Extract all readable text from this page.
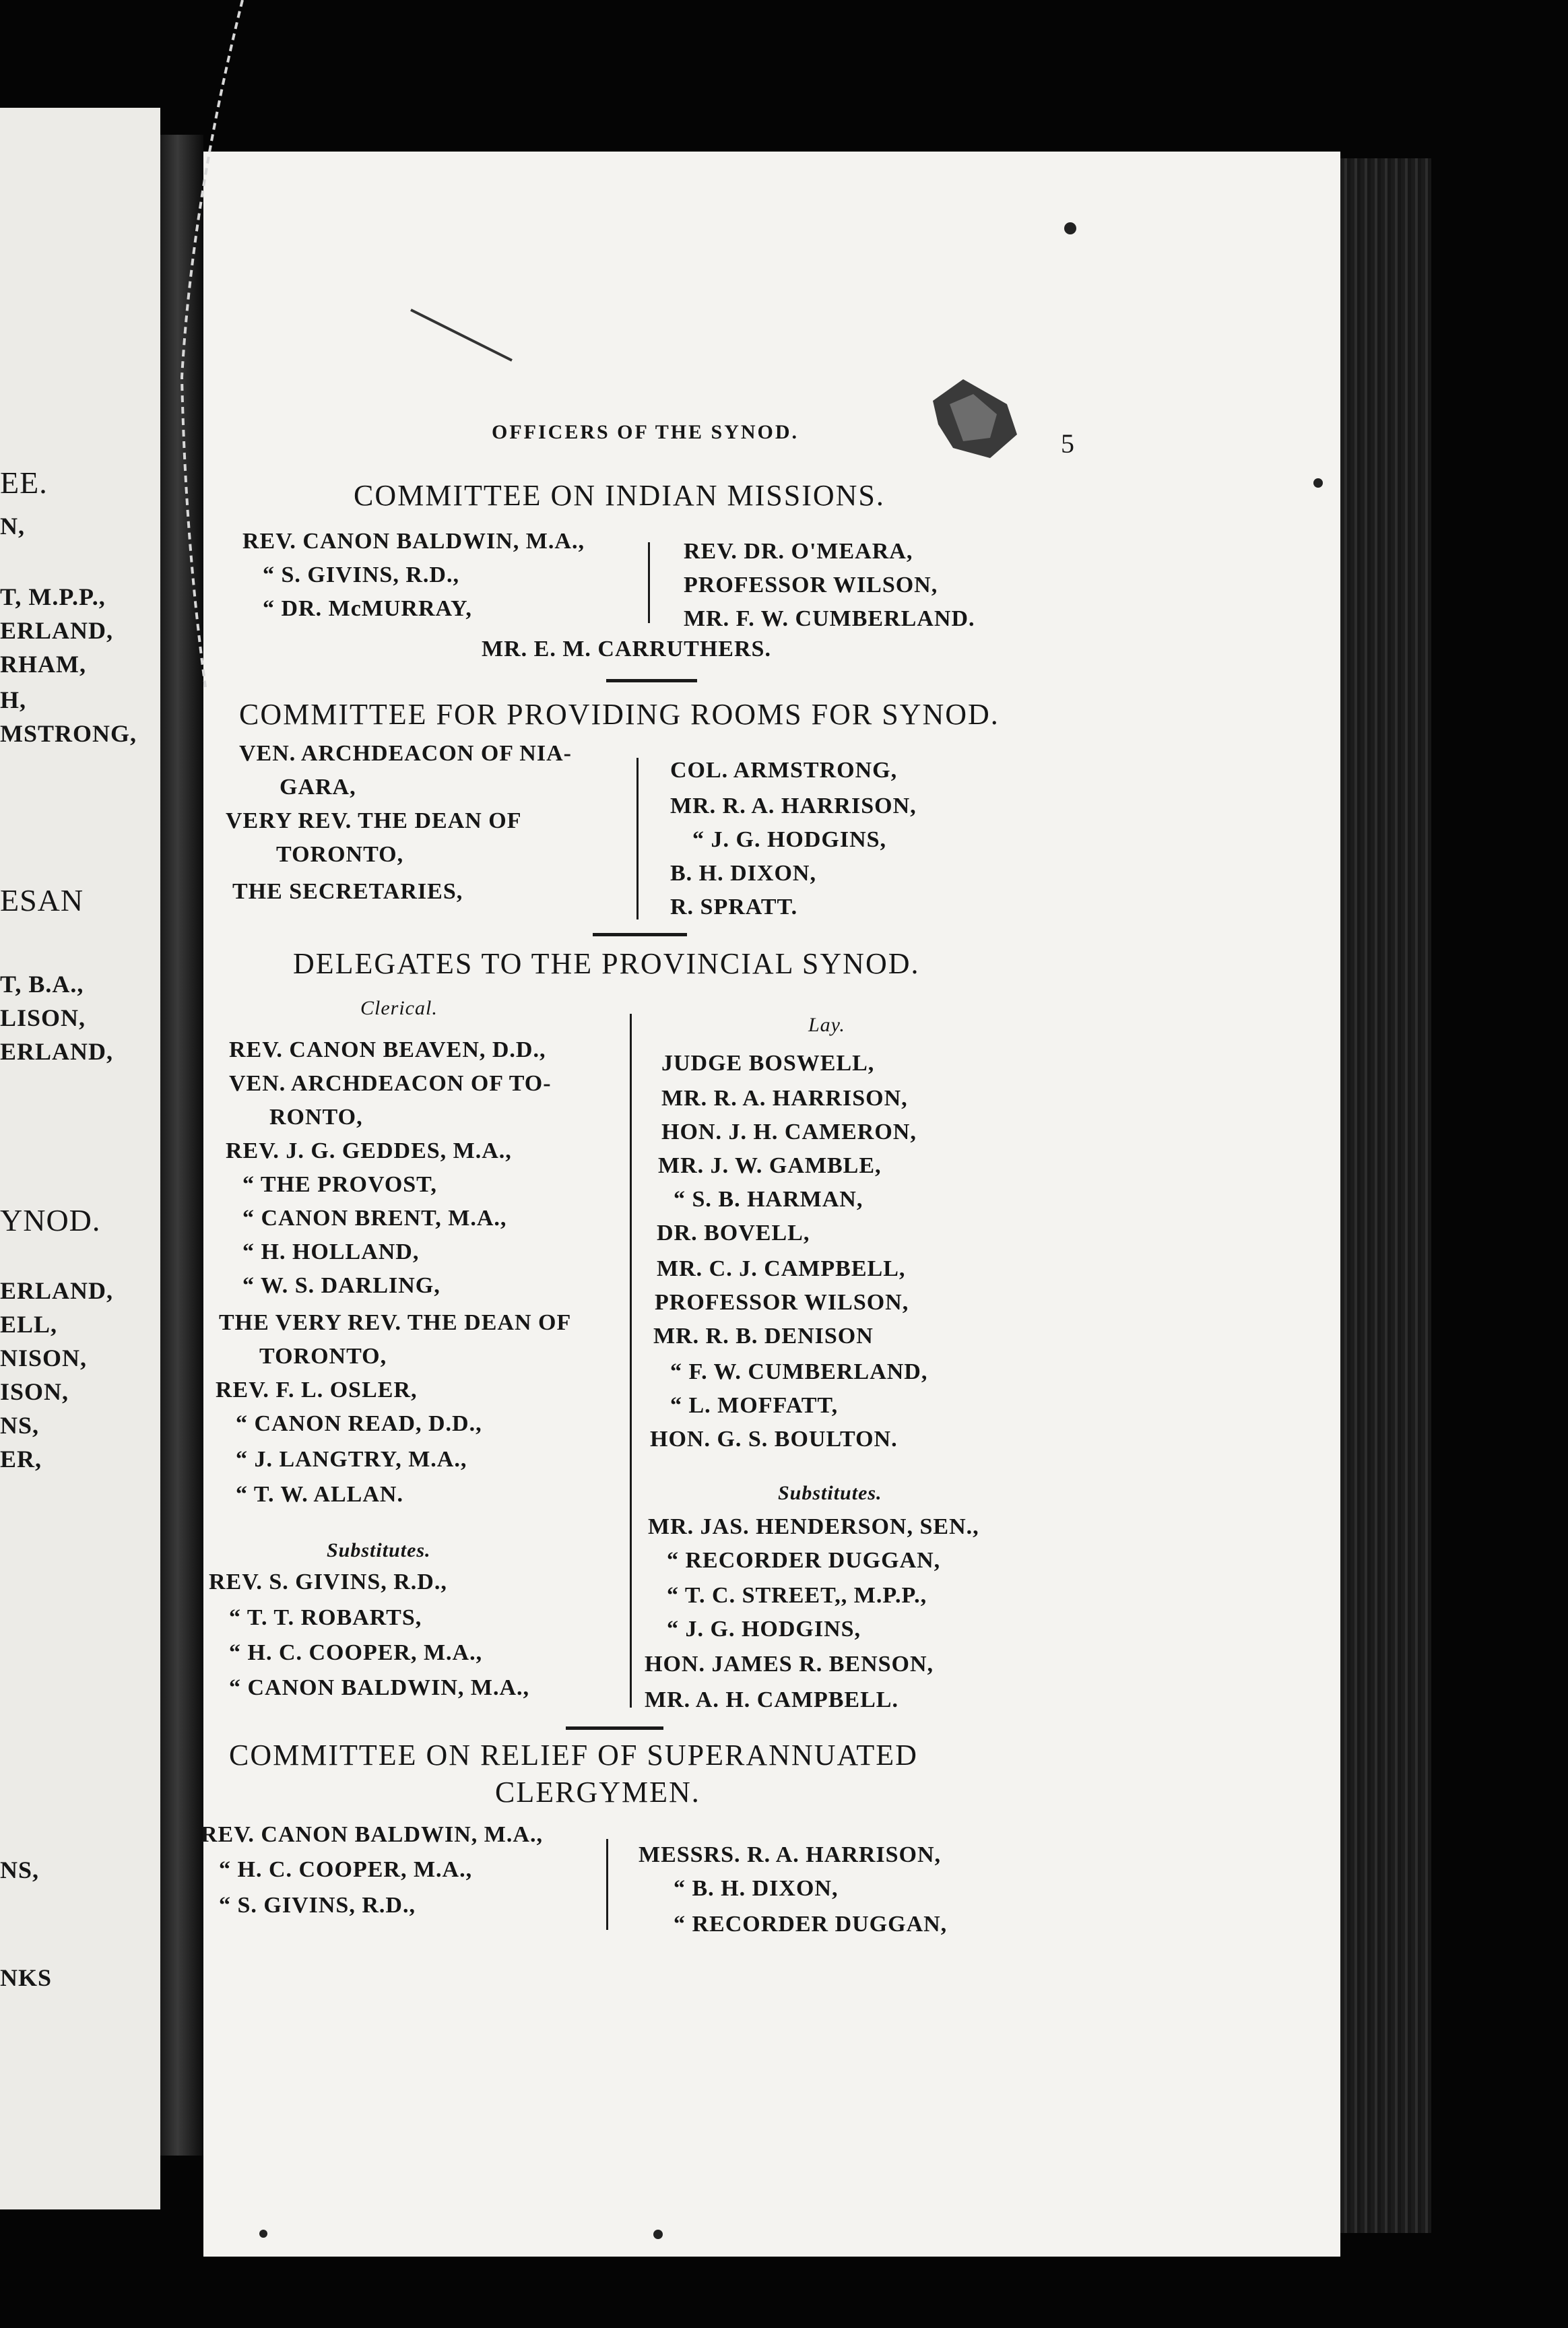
EE.
N,
T, M.P.P.,
ERLAND,
RHAM,
H,
MSTRONG,
ESAN
T, B.A.,
LISON,
ERLAND,
YNOD.
ERLAND,
ELL,
NISON,
ISON,
NS,
ER,
NS,
NKS
OFFICERS OF THE SYNOD.	5
COMMITTEE ON INDIAN MISSIONS.
REV. CANON BALDWIN, M.A.,
“ S. GIVINS, R.D.,
“ DR. McMURRAY,
REV. DR. O'MEARA,
PROFESSOR WILSON,
MR. F. W. CUMBERLAND.
MR. E. M. CARRUTHERS.
COMMITTEE FOR PROVIDING ROOMS FOR SYNOD.
VEN. ARCHDEACON OF NIA-
GARA,
VERY REV. THE DEAN OF
TORONTO,
THE SECRETARIES,
COL. ARMSTRONG,
MR. R. A. HARRISON,
“ J. G. HODGINS,
B. H. DIXON,
R. SPRATT.
DELEGATES TO THE PROVINCIAL SYNOD.
Clerical.
Lay.
REV. CANON BEAVEN, D.D.,
VEN. ARCHDEACON OF TO-
RONTO,
REV. J. G. GEDDES, M.A.,
“ THE PROVOST,
“ CANON BRENT, M.A.,
“ H. HOLLAND,
“ W. S. DARLING,
THE VERY REV. THE DEAN OF
TORONTO,
REV. F. L. OSLER,
“ CANON READ, D.D.,
“ J. LANGTRY, M.A.,
“ T. W. ALLAN.
JUDGE BOSWELL,
MR. R. A. HARRISON,
HON. J. H. CAMERON,
MR. J. W. GAMBLE,
“ S. B. HARMAN,
DR. BOVELL,
MR. C. J. CAMPBELL,
PROFESSOR WILSON,
MR. R. B. DENISON
“ F. W. CUMBERLAND,
“ L. MOFFATT,
HON. G. S. BOULTON.
Substitutes.
MR. JAS. HENDERSON, SEN.,
“ RECORDER DUGGAN,
“ T. C. STREET,, M.P.P.,
“ J. G. HODGINS,
HON. JAMES R. BENSON,
MR. A. H. CAMPBELL.
Substitutes.
REV. S. GIVINS, R.D.,
“ T. T. ROBARTS,
“ H. C. COOPER, M.A.,
“ CANON BALDWIN, M.A.,
COMMITTEE ON RELIEF OF SUPERANNUATED
CLERGYMEN.
REV. CANON BALDWIN, M.A.,
“ H. C. COOPER, M.A.,
“ S. GIVINS, R.D.,
MESSRS. R. A. HARRISON,
“ B. H. DIXON,
“ RECORDER DUGGAN,
